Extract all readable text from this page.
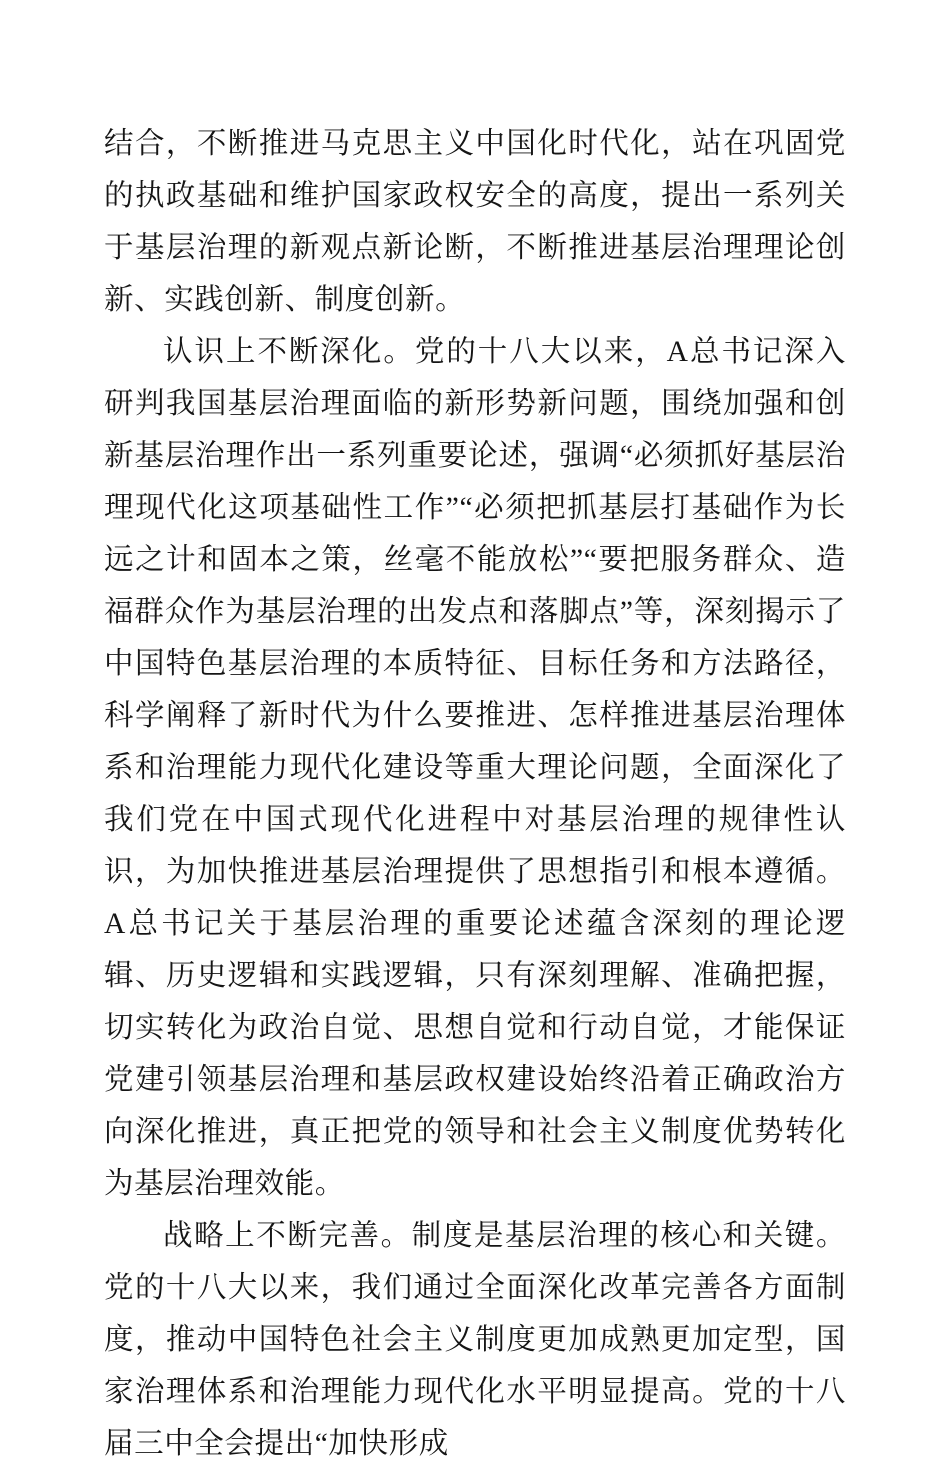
结合，不断推进马克思主义中国化时代化，站在巩固党的执政基础和维护国家政权安全的高度，提出一系列关于基层治理的新观点新论断，不断推进基层治理理论创新、实践创新、制度创新。

认识上不断深化。党的十八大以来，A总书记深入研判我国基层治理面临的新形势新问题，围绕加强和创新基层治理作出一系列重要论述，强调“必须抓好基层治理现代化这项基础性工作”“必须把抓基层打基础作为长远之计和固本之策，丝毫不能放松”“要把服务群众、造福群众作为基层治理的出发点和落脚点”等，深刻揭示了中国特色基层治理的本质特征、目标任务和方法路径，科学阐释了新时代为什么要推进、怎样推进基层治理体系和治理能力现代化建设等重大理论问题，全面深化了我们党在中国式现代化进程中对基层治理的规律性认识，为加快推进基层治理提供了思想指引和根本遵循。A总书记关于基层治理的重要论述蕴含深刻的理论逻辑、历史逻辑和实践逻辑，只有深刻理解、准确把握，切实转化为政治自觉、思想自觉和行动自觉，才能保证党建引领基层治理和基层政权建设始终沿着正确政治方向深化推进，真正把党的领导和社会主义制度优势转化为基层治理效能。

战略上不断完善。制度是基层治理的核心和关键。党的十八大以来，我们通过全面深化改革完善各方面制度，推动中国特色社会主义制度更加成熟更加定型，国家治理体系和治理能力现代化水平明显提高。党的十八届三中全会提出“加快形成
